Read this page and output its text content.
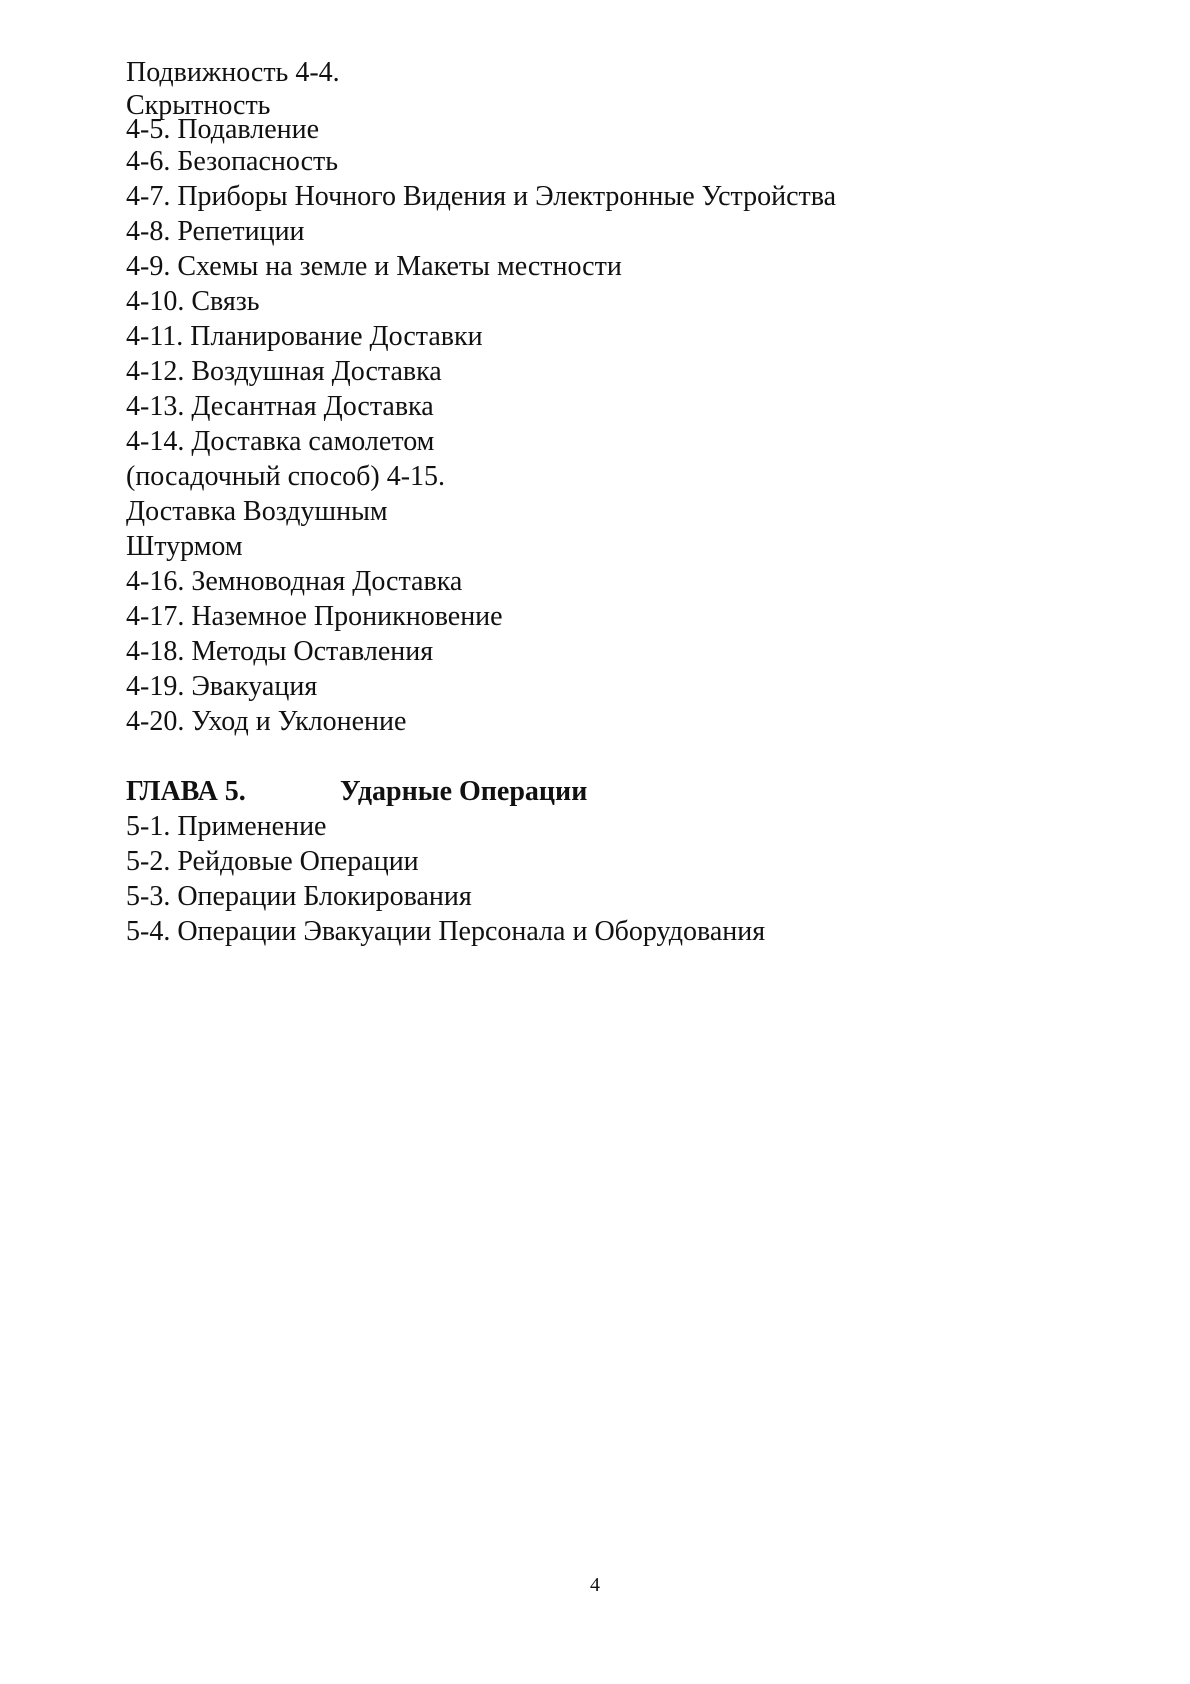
Подвижность 4-4.
Скрытность
4-5. Подавление
4-6. Безопасность
4-7. Приборы Ночного Видения и Электронные Устройства
4-8. Репетиции
4-9. Схемы на земле и Макеты местности
4-10. Связь
4-11. Планирование Доставки
4-12. Воздушная Доставка
4-13. Десантная Доставка
4-14. Доставка самолетом
(посадочный способ) 4-15.
Доставка Воздушным
Штурмом
4-16. Земноводная Доставка
4-17. Наземное Проникновение
4-18. Методы Оставления
4-19. Эвакуация
4-20. Уход и Уклонение
ГЛАВА 5.	Ударные Операции
5-1. Применение
5-2. Рейдовые Операции
5-3. Операции Блокирования
5-4. Операции Эвакуации Персонала и Оборудования
4
